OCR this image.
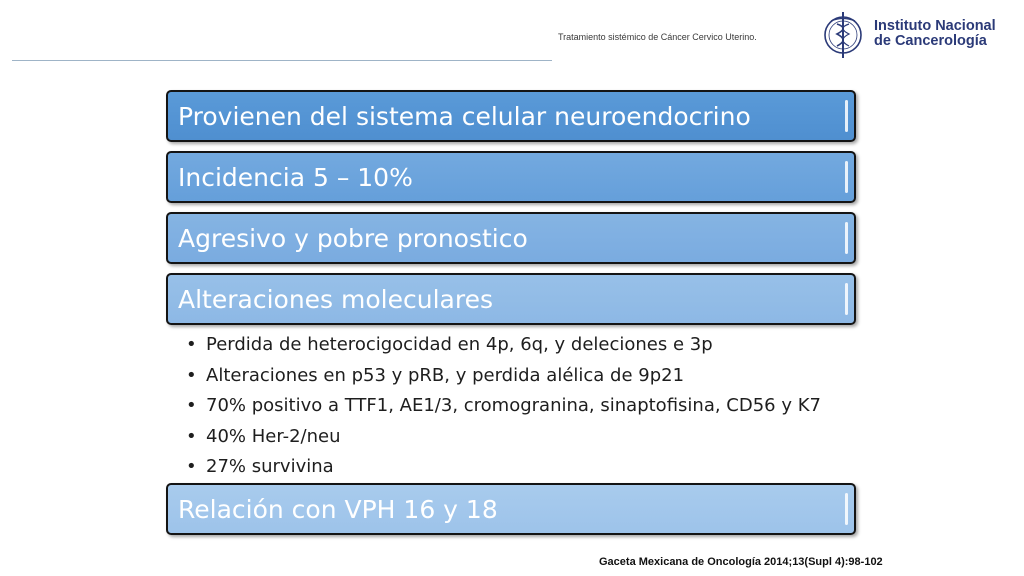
Tratamiento sistémico de Cáncer Cervico Uterino.
Instituto Nacional
de Cancerología
Provienen del sistema celular neuroendocrino
Incidencia 5 – 10%
Agresivo y pobre pronostico
Alteraciones moleculares
• Perdida de heterocigocidad en 4p, 6q, y deleciones e 3p
• Alteraciones en p53 y pRB, y perdida alélica de 9p21
• 70% positivo a TTF1, AE1/3, cromogranina, sinaptofisina, CD56 y K7
• 40% Her-2/neu
• 27% survivina
Relación con VPH 16 y 18
Gaceta Mexicana de Oncología 2014;13(Supl 4):98-102
